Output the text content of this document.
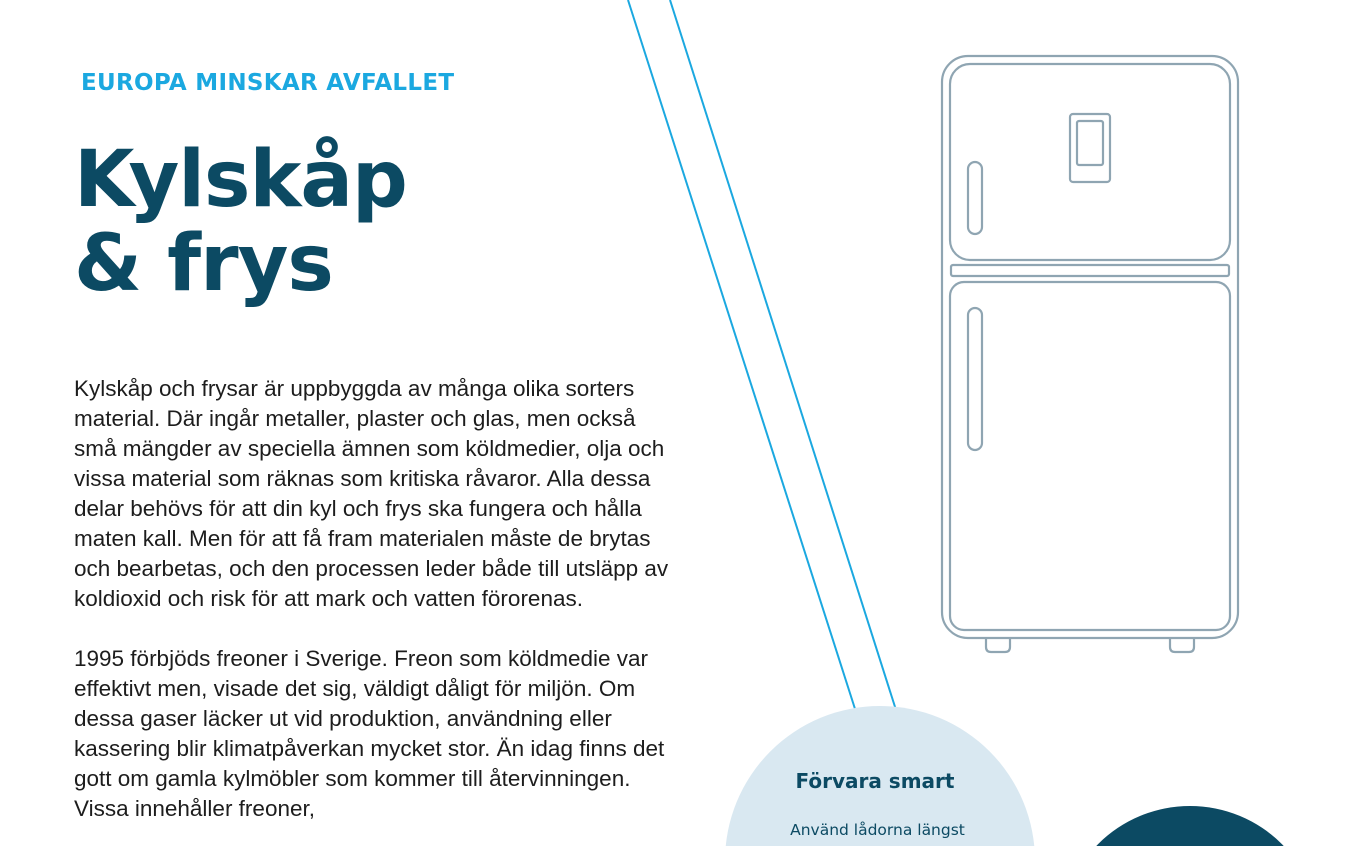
EUROPA MINSKAR AVFALLET
Kylskåp
& frys

Kylskåp och frysar är uppbyggda av många olika sorters material. Där ingår metaller, plaster och glas, men också små mängder av speciella ämnen som köldmedier, olja och vissa material som räknas som kritiska råvaror. Alla dessa delar behövs för att din kyl och frys ska fungera och hålla maten kall. Men för att få fram materialen måste de brytas och bearbetas, och den processen leder både till utsläpp av koldioxid och risk för att mark och vatten förorenas.

1995 förbjöds freoner i Sverige. Freon som köldmedie var effektivt men, visade det sig, väldigt dåligt för miljön. Om dessa gaser läcker ut vid produktion, användning eller kassering blir klimatpåverkan mycket stor. Än idag finns det gott om gamla kylmöbler som kommer till återvinningen. Vissa innehåller freoner,

Förvara smart
Använd lådorna längst
